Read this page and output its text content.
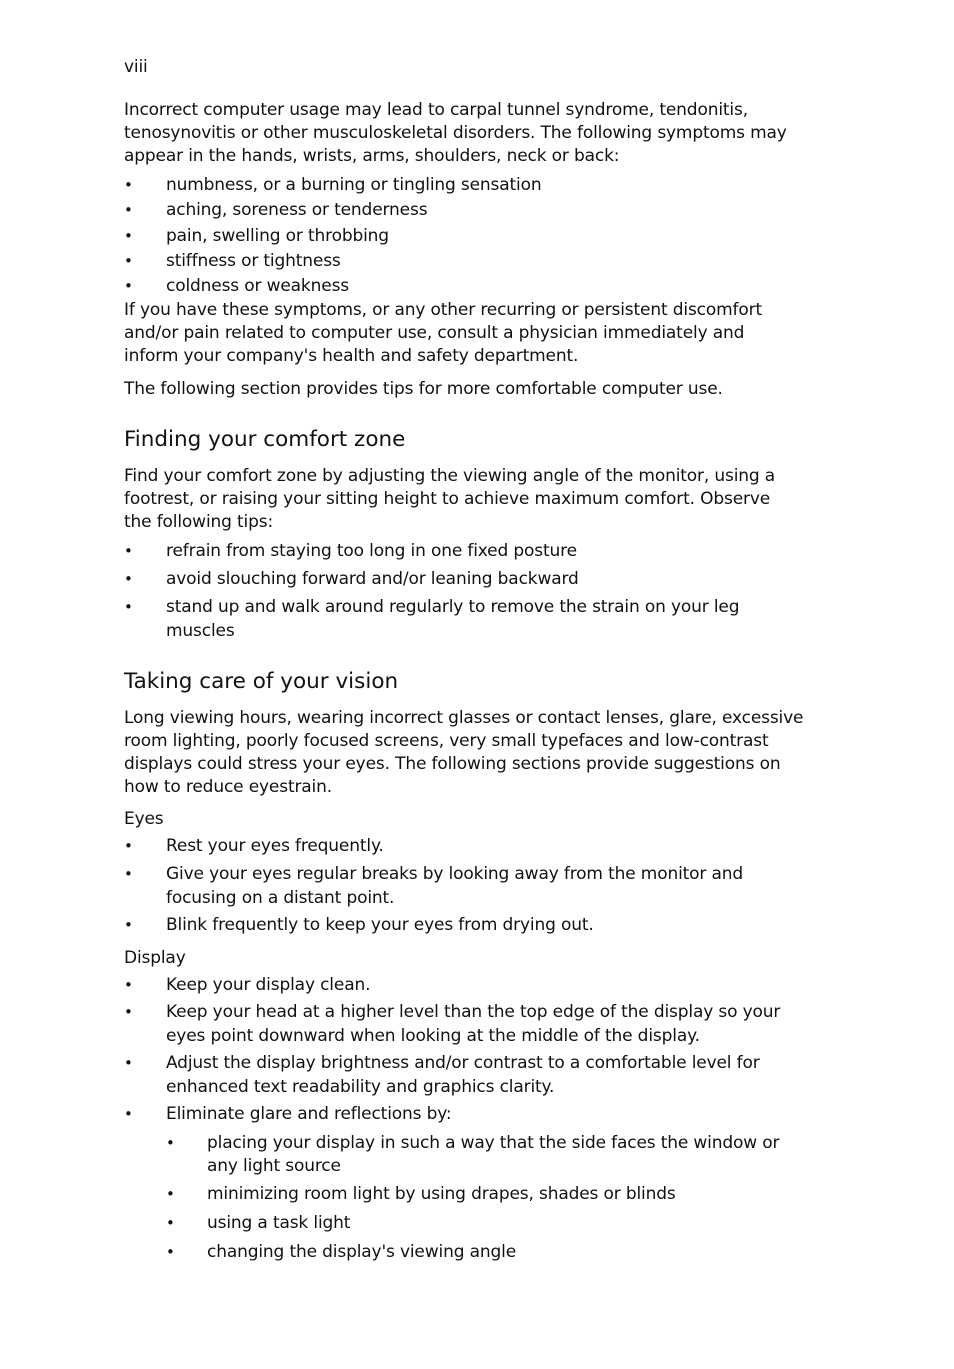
viii
Incorrect computer usage may lead to carpal tunnel syndrome, tendonitis,
tenosynovitis or other musculoskeletal disorders. The following symptoms may
appear in the hands, wrists, arms, shoulders, neck or back:
• numbness, or a burning or tingling sensation
• aching, soreness or tenderness
• pain, swelling or throbbing
• stiffness or tightness
• coldness or weakness
If you have these symptoms, or any other recurring or persistent discomfort
and/or pain related to computer use, consult a physician immediately and
inform your company's health and safety department.
The following section provides tips for more comfortable computer use.
Finding your comfort zone
Find your comfort zone by adjusting the viewing angle of the monitor, using a
footrest, or raising your sitting height to achieve maximum comfort. Observe
the following tips:
• refrain from staying too long in one fixed posture
• avoid slouching forward and/or leaning backward
• stand up and walk around regularly to remove the strain on your leg
muscles
Taking care of your vision
Long viewing hours, wearing incorrect glasses or contact lenses, glare, excessive
room lighting, poorly focused screens, very small typefaces and low-contrast
displays could stress your eyes. The following sections provide suggestions on
how to reduce eyestrain.
Eyes
• Rest your eyes frequently.
• Give your eyes regular breaks by looking away from the monitor and
focusing on a distant point.
• Blink frequently to keep your eyes from drying out.
Display
• Keep your display clean.
• Keep your head at a higher level than the top edge of the display so your
eyes point downward when looking at the middle of the display.
• Adjust the display brightness and/or contrast to a comfortable level for
enhanced text readability and graphics clarity.
• Eliminate glare and reflections by:
• placing your display in such a way that the side faces the window or
any light source
• minimizing room light by using drapes, shades or blinds
• using a task light
• changing the display's viewing angle
